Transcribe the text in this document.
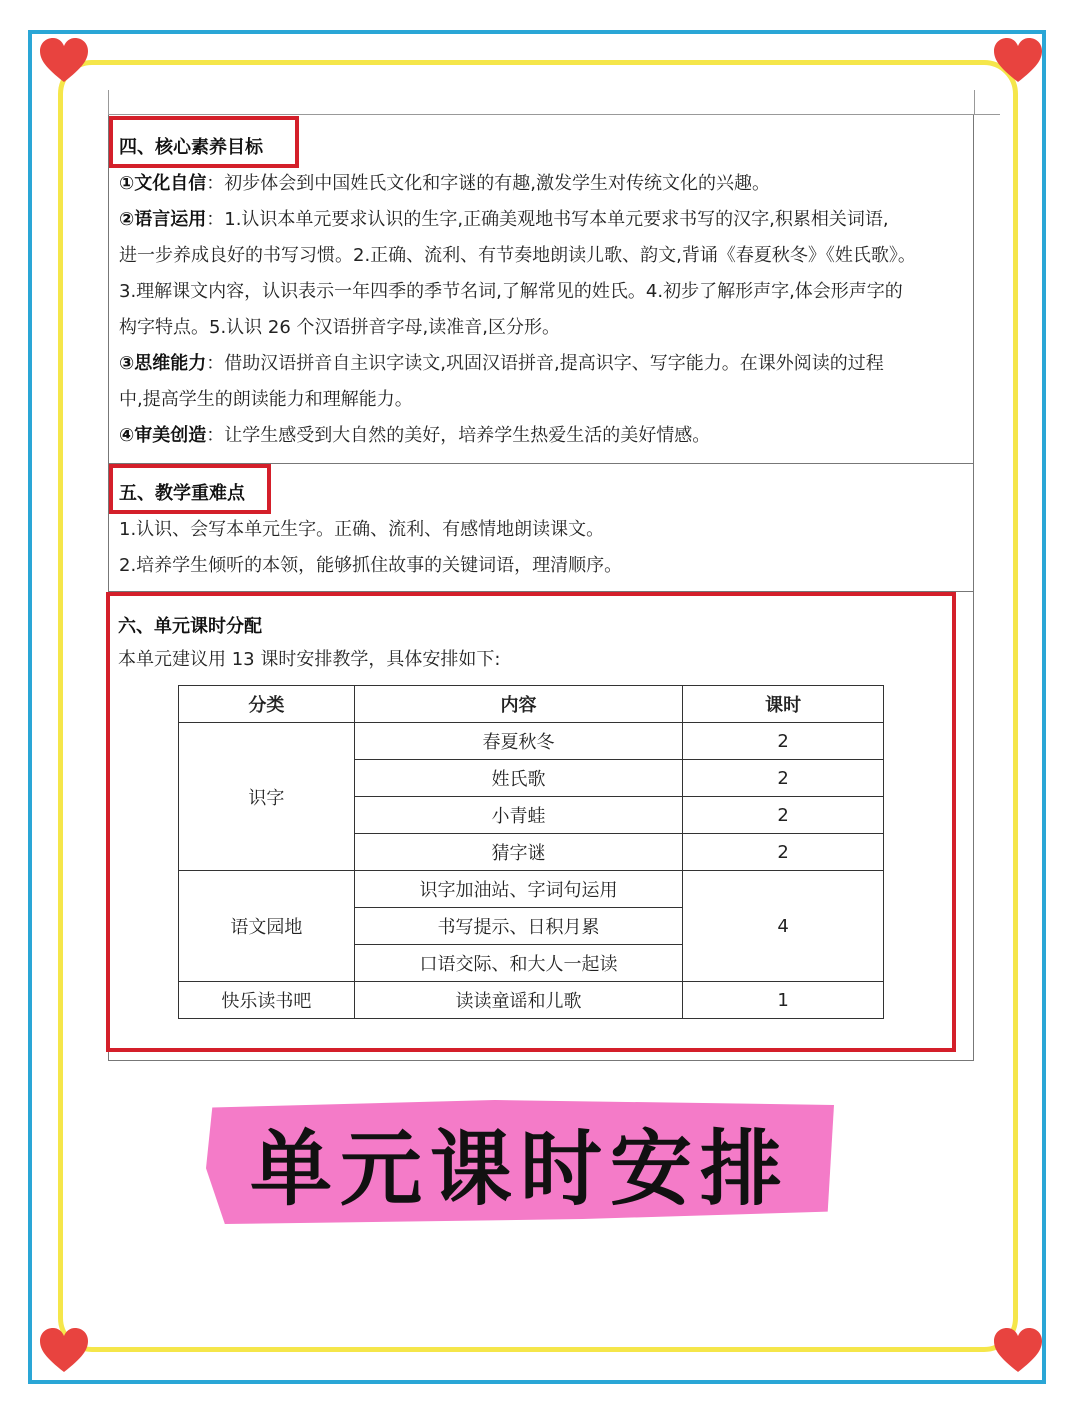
四、核心素养目标
①文化自信：初步体会到中国姓氏文化和字谜的有趣,激发学生对传统文化的兴趣。
②语言运用：1.认识本单元要求认识的生字,正确美观地书写本单元要求书写的汉字,积累相关词语,
进一步养成良好的书写习惯。2.正确、流利、有节奏地朗读儿歌、韵文,背诵《春夏秋冬》《姓氏歌》。
3.理解课文内容，认识表示一年四季的季节名词,了解常见的姓氏。4.初步了解形声字,体会形声字的
构字特点。5.认识 26 个汉语拼音字母,读准音,区分形。
③思维能力：借助汉语拼音自主识字读文,巩固汉语拼音,提高识字、写字能力。在课外阅读的过程
中,提高学生的朗读能力和理解能力。
④审美创造：让学生感受到大自然的美好，培养学生热爱生活的美好情感。
五、教学重难点
1.认识、会写本单元生字。正确、流利、有感情地朗读课文。
2.培养学生倾听的本领，能够抓住故事的关键词语，理清顺序。
六、单元课时分配
本单元建议用 13 课时安排教学，具体安排如下:
分类	内容	课时
识字	春夏秋冬	2
	姓氏歌	2
	小青蛙	2
	猜字谜	2
语文园地	识字加油站、字词句运用	4
	书写提示、日积月累	
	口语交际、和大人一起读	
快乐读书吧	读读童谣和儿歌	1
单元课时安排
